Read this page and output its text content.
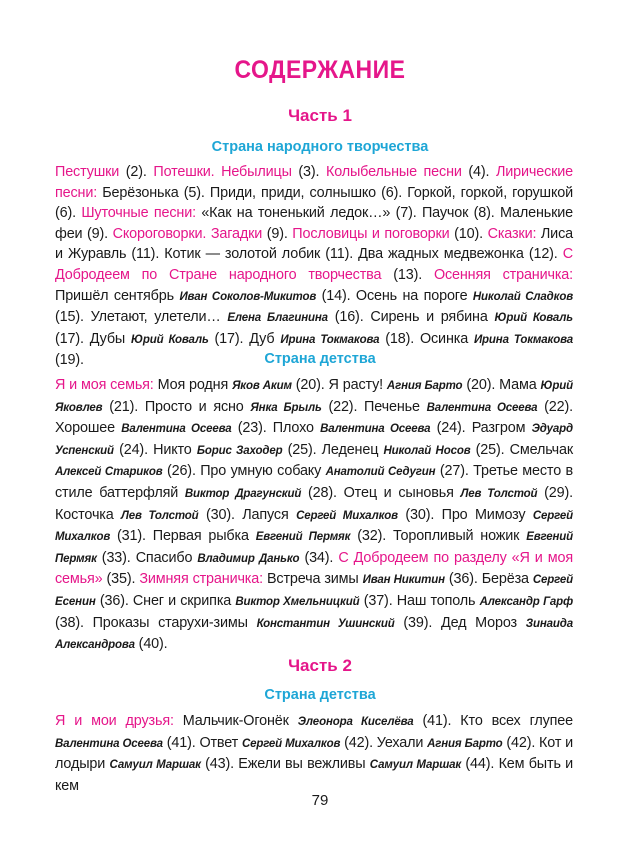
СОДЕРЖАНИЕ
Часть 1
Страна народного творчества
Пестушки (2). Потешки. Небылицы (3). Колыбельные песни (4). Лирические песни: Берёзонька (5). Приди, приди, солнышко (6). Горкой, горкой, горушкой (6). Шуточные песни: «Как на тоненький ледок…» (7). Паучок (8). Маленькие феи (9). Скороговорки. Загадки (9). Пословицы и поговорки (10). Сказки: Лиса и Журавль (11). Котик — золотой лобик (11). Два жадных медвежонка (12). С Добродеем по Стране народного творчества (13). Осенняя страничка: Пришёл сентябрь Иван Соколов-Микитов (14). Осень на пороге Николай Сладков (15). Улетают, улетели… Елена Благинина (16). Сирень и рябина Юрий Коваль (17). Дубы Юрий Коваль (17). Дуб Ирина Токмакова (18). Осинка Ирина Токмакова (19).	Страна детства
Я и моя семья: Моя родня Яков Аким (20). Я расту! Агния Барто (20). Мама Юрий Яковлев (21). Просто и ясно Янка Брыль (22). Печенье Валентина Осеева (22). Хорошее Валентина Осеева (23). Плохо Валентина Осеева (24). Разгром Эдуард Успенский (24). Никто Борис Заходер (25). Леденец Николай Носов (25). Смельчак Алексей Стариков (26). Про умную собаку Анатолий Седугин (27). Третье место в стиле баттерфляй Виктор Драгунский (28). Отец и сыновья Лев Толстой (29). Косточка Лев Толстой (30). Лапуся Сергей Михалков (30). Про Мимозу Сергей Михалков (31). Первая рыбка Евгений Пермяк (32). Торопливый ножик Евгений Пермяк (33). Спасибо Владимир Данько (34). С Добродеем по разделу «Я и моя семья» (35). Зимняя страничка: Встреча зимы Иван Никитин (36). Берёза Сергей Есенин (36). Снег и скрипка Виктор Хмельницкий (37). Наш тополь Александр Гарф (38). Проказы старухи-зимы Константин Ушинский (39). Дед Мороз Зинаида Александрова (40).
Часть 2
Страна детства
Я и мои друзья: Мальчик-Огонёк Элеонора Киселёва (41). Кто всех глупее Валентина Осеева (41). Ответ Сергей Михалков (42). Уехали Агния Барто (42). Кот и лодыри Самуил Маршак (43). Ежели вы вежливы Самуил Маршак (44). Кем быть и кем
79
